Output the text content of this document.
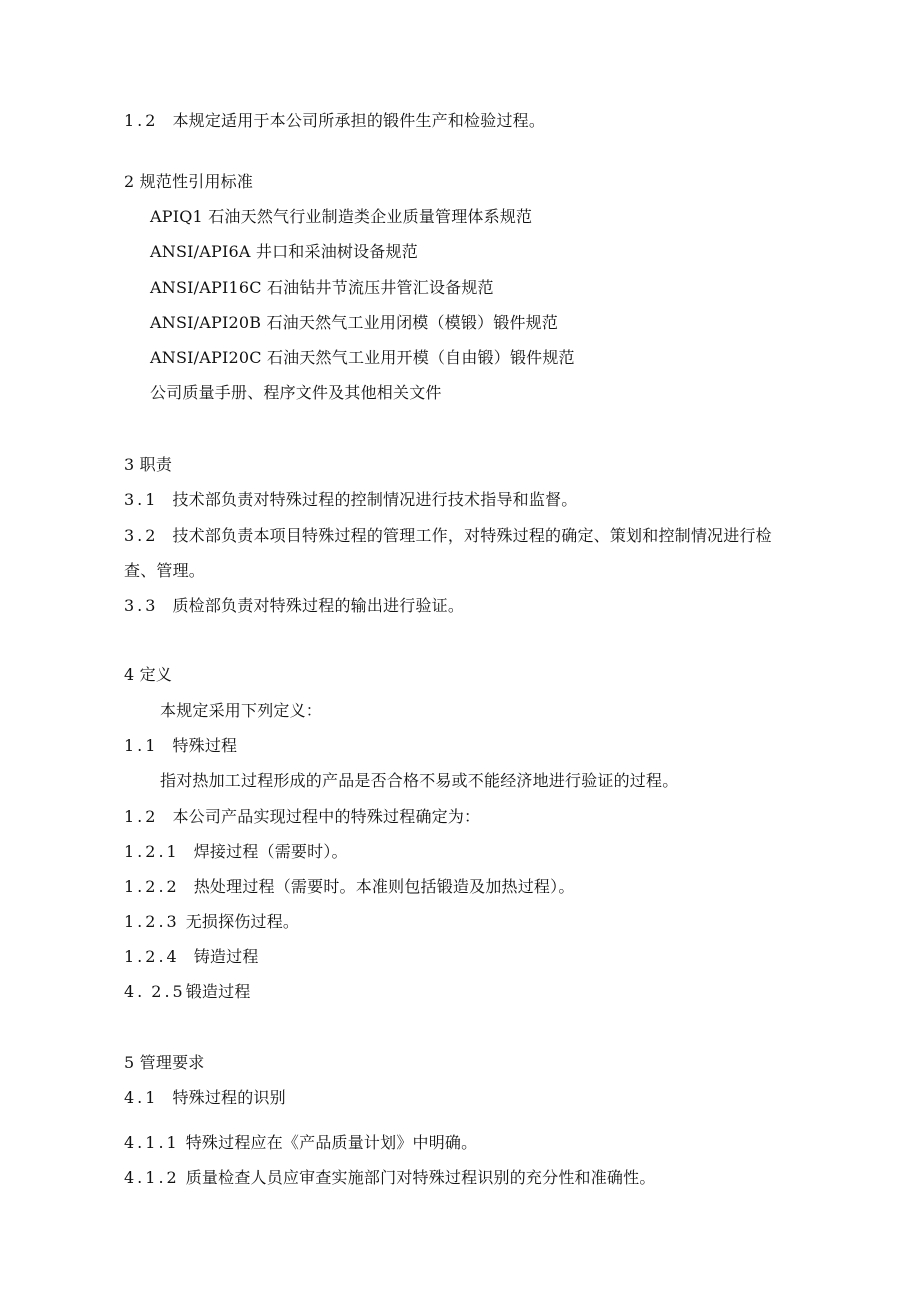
1.2 本规定适用于本公司所承担的锻件生产和检验过程。
2 规范性引用标准
APIQ1 石油天然气行业制造类企业质量管理体系规范
ANSI/API6A 井口和采油树设备规范
ANSI/API16C 石油钻井节流压井管汇设备规范
ANSI/API20B 石油天然气工业用闭模（模锻）锻件规范
ANSI/API20C 石油天然气工业用开模（自由锻）锻件规范
公司质量手册、程序文件及其他相关文件
3 职责
3.1 技术部负责对特殊过程的控制情况进行技术指导和监督。
3.2 技术部负责本项目特殊过程的管理工作，对特殊过程的确定、策划和控制情况进行检
查、管理。
3.3 质检部负责对特殊过程的输出进行验证。
4 定义
本规定采用下列定义：
1.1 特殊过程
指对热加工过程形成的产品是否合格不易或不能经济地进行验证的过程。
1.2 本公司产品实现过程中的特殊过程确定为：
1.2.1 焊接过程（需要时）。
1.2.2 热处理过程（需要时。本准则包括锻造及加热过程）。
1.2.3 无损探伤过程。
1.2.4 铸造过程
4. 2.5锻造过程
5 管理要求
4.1 特殊过程的识别
4.1.1 特殊过程应在《产品质量计划》中明确。
4.1.2 质量检查人员应审查实施部门对特殊过程识别的充分性和准确性。
